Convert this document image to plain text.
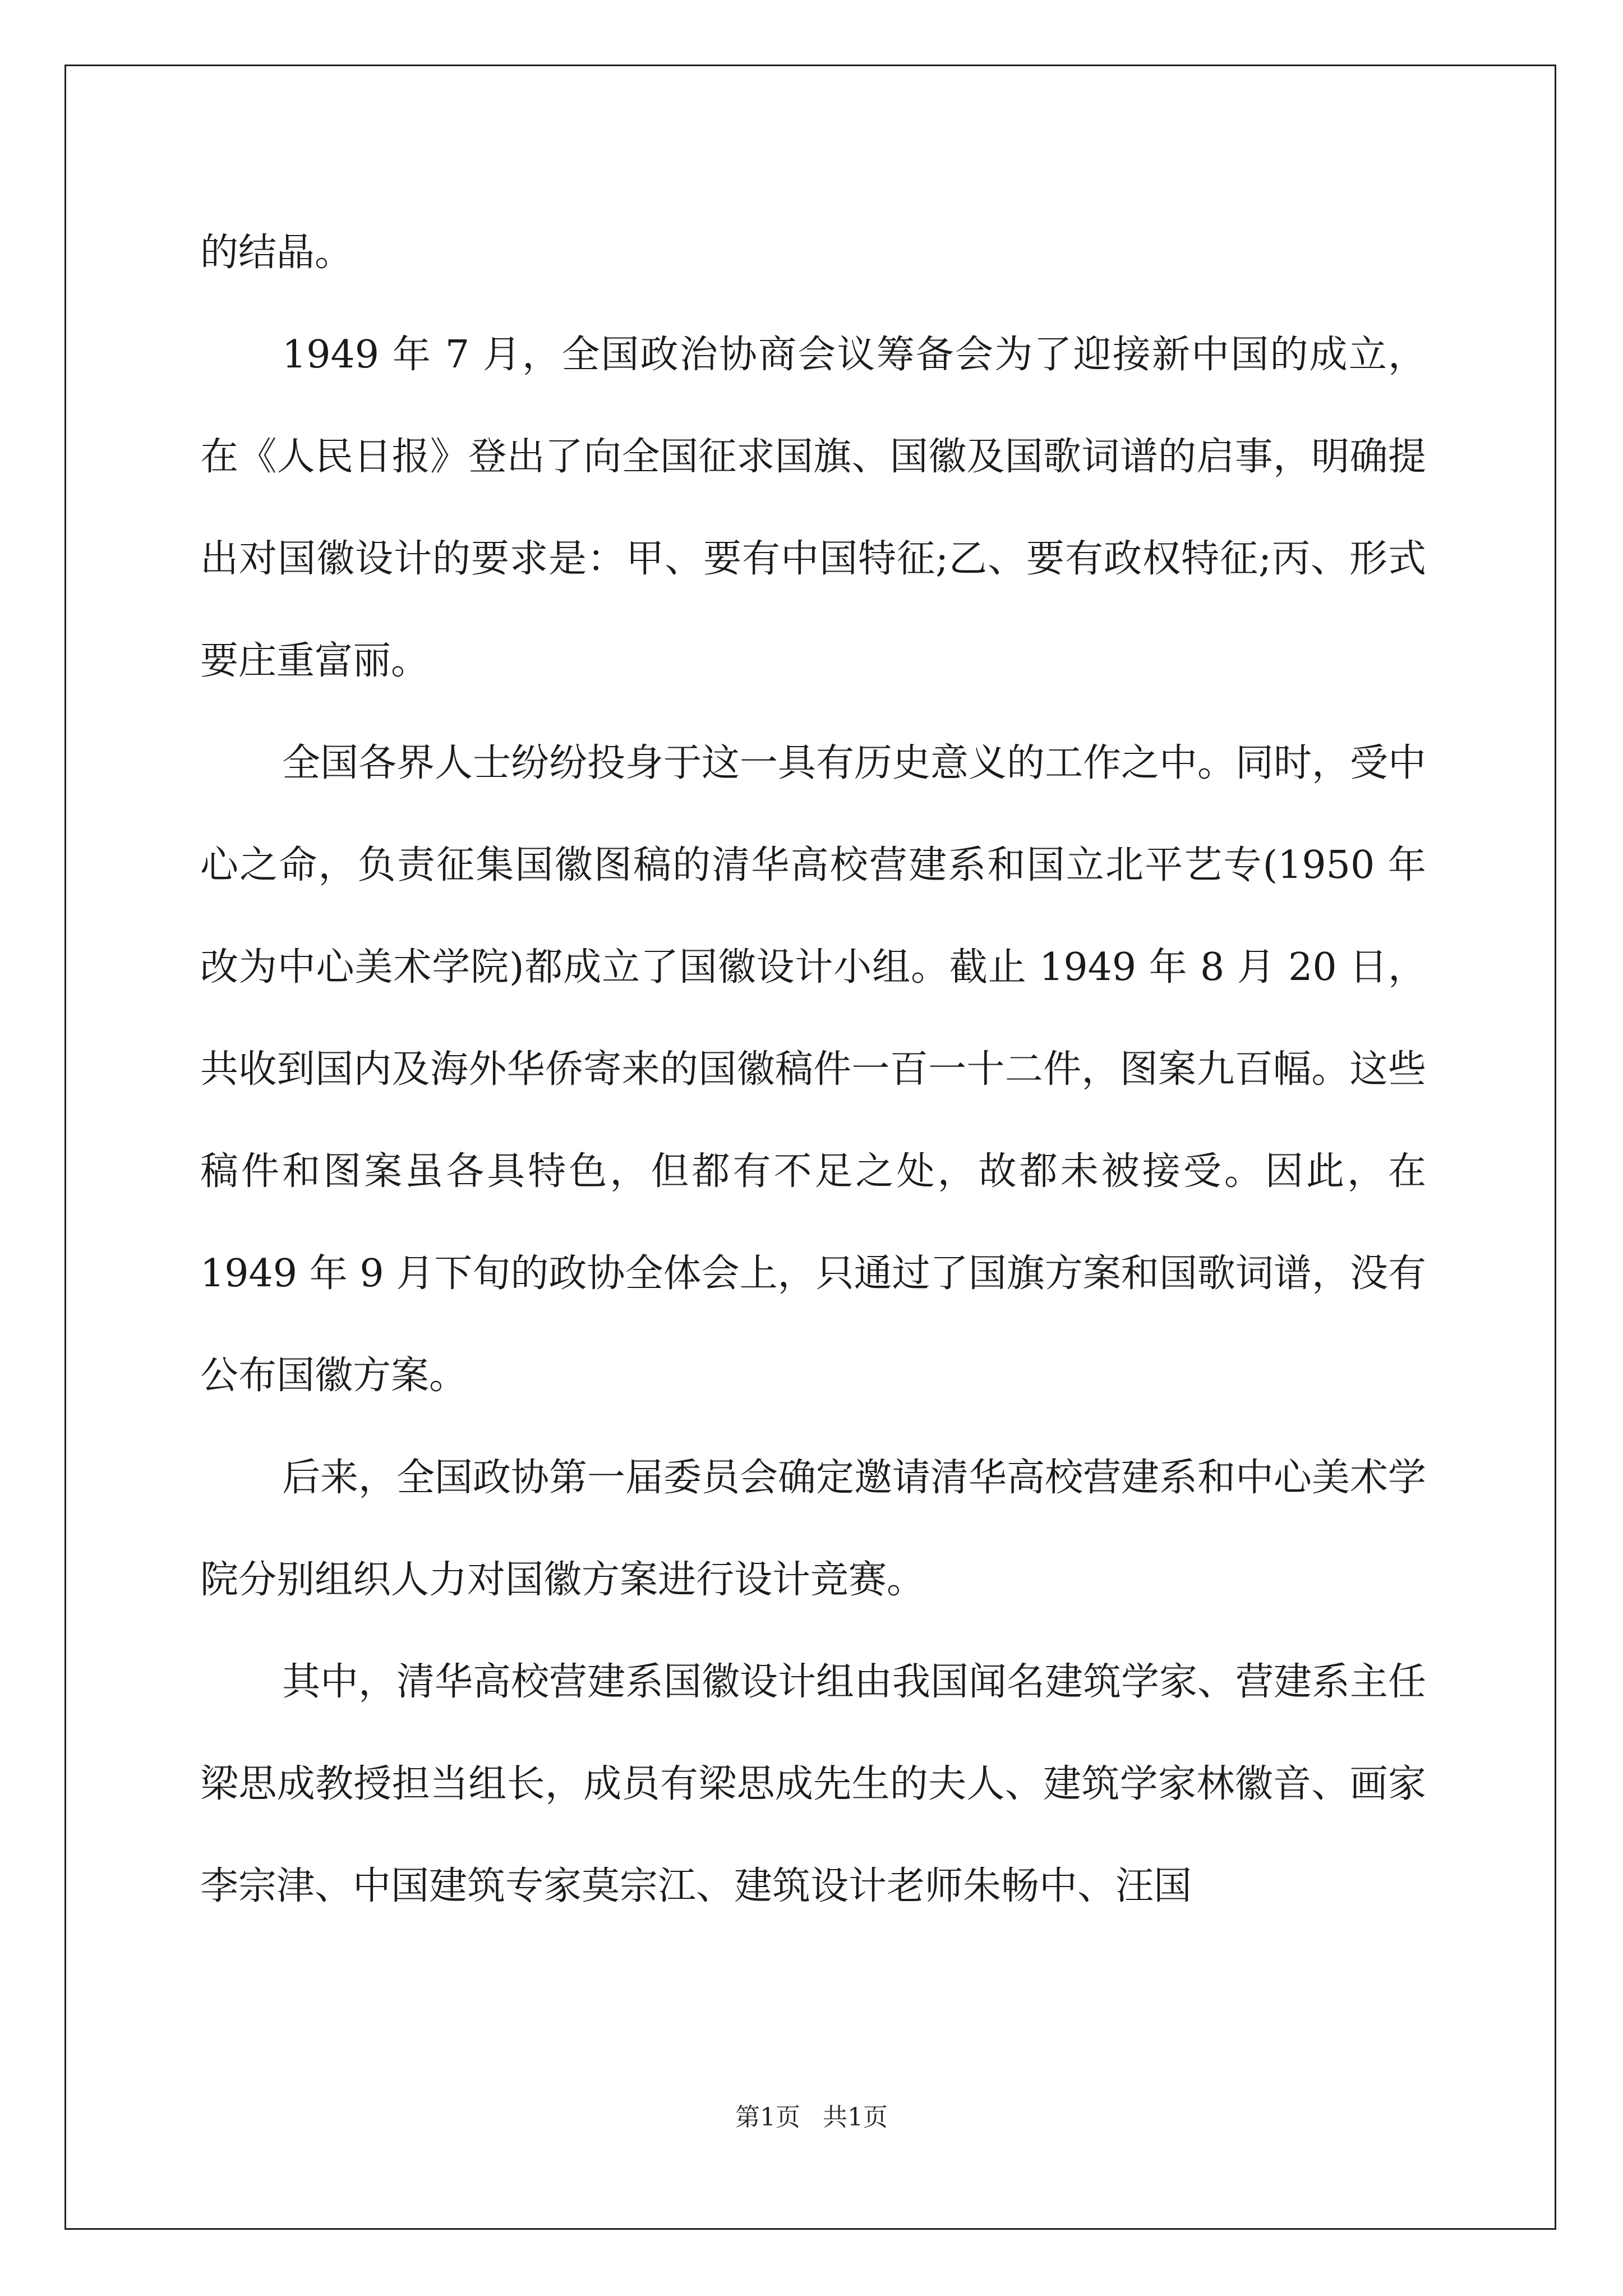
的结晶。

1949 年 7 月，全国政治协商会议筹备会为了迎接新中国的成立，在《人民日报》登出了向全国征求国旗、国徽及国歌词谱的启事，明确提出对国徽设计的要求是：甲、要有中国特征;乙、要有政权特征;丙、形式要庄重富丽。

全国各界人士纷纷投身于这一具有历史意义的工作之中。同时，受中心之命，负责征集国徽图稿的清华高校营建系和国立北平艺专(1950 年改为中心美术学院)都成立了国徽设计小组。截止 1949 年 8 月 20 日，共收到国内及海外华侨寄来的国徽稿件一百一十二件，图案九百幅。这些稿件和图案虽各具特色，但都有不足之处，故都未被接受。因此，在 1949 年 9 月下旬的政协全体会上，只通过了国旗方案和国歌词谱，没有公布国徽方案。

后来，全国政协第一届委员会确定邀请清华高校营建系和中心美术学院分别组织人力对国徽方案进行设计竞赛。

其中，清华高校营建系国徽设计组由我国闻名建筑学家、营建系主任梁思成教授担当组长，成员有梁思成先生的夫人、建筑学家林徽音、画家李宗津、中国建筑专家莫宗江、建筑设计老师朱畅中、汪国

第1页 共1页
